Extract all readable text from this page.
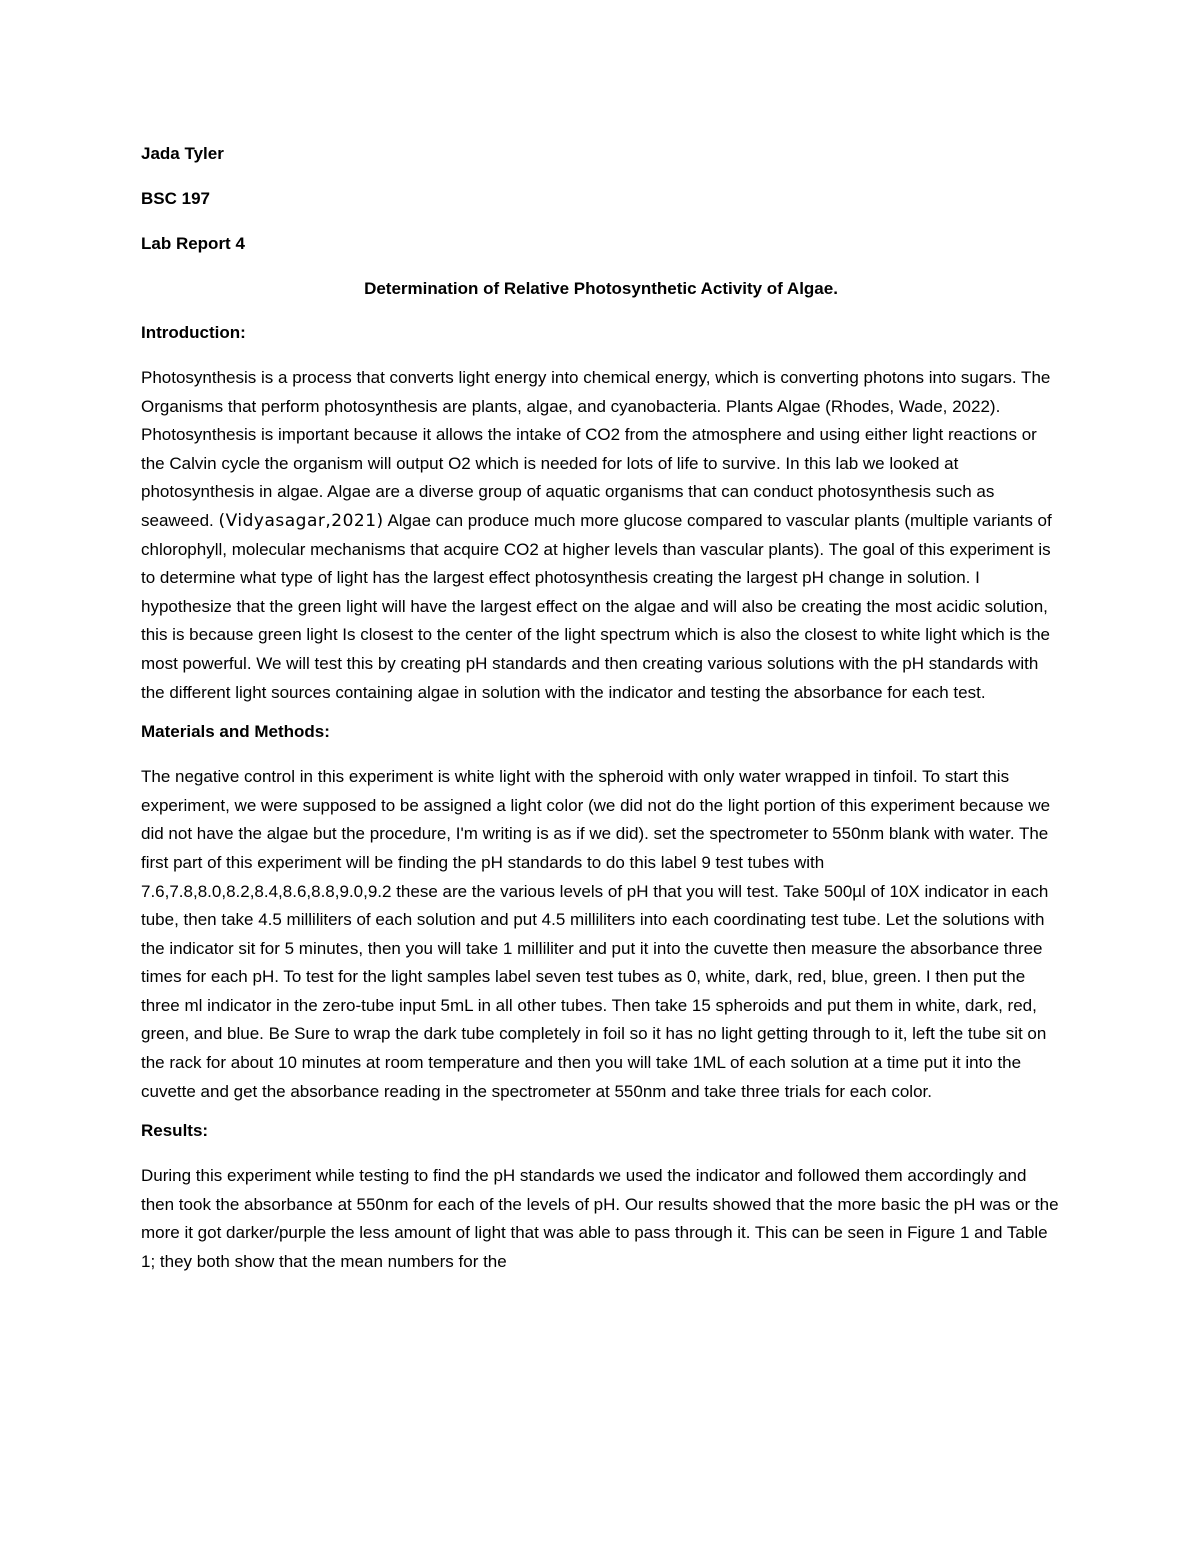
Jada Tyler

BSC 197

Lab Report 4

Determination of Relative Photosynthetic Activity of Algae.

Introduction:

Photosynthesis is a process that converts light energy into chemical energy, which is converting photons into sugars. The Organisms that perform photosynthesis are plants, algae, and cyanobacteria. Plants Algae (Rhodes, Wade, 2022). Photosynthesis is important because it allows the intake of CO2 from the atmosphere and using either light reactions or the Calvin cycle the organism will output O2 which is needed for lots of life to survive. In this lab we looked at photosynthesis in algae. Algae are a diverse group of aquatic organisms that can conduct photosynthesis such as seaweed. (Vidyasagar,2021) Algae can produce much more glucose compared to vascular plants (multiple variants of chlorophyll, molecular mechanisms that acquire CO2 at higher levels than vascular plants). The goal of this experiment is to determine what type of light has the largest effect photosynthesis creating the largest pH change in solution. I hypothesize that the green light will have the largest effect on the algae and will also be creating the most acidic solution, this is because green light Is closest to the center of the light spectrum which is also the closest to white light which is the most powerful. We will test this by creating pH standards and then creating various solutions with the pH standards with the different light sources containing algae in solution with the indicator and testing the absorbance for each test.

Materials and Methods:

The negative control in this experiment is white light with the spheroid with only water wrapped in tinfoil. To start this experiment, we were supposed to be assigned a light color (we did not do the light portion of this experiment because we did not have the algae but the procedure, I'm writing is as if we did). set the spectrometer to 550nm blank with water. The first part of this experiment will be finding the pH standards to do this label 9 test tubes with 7.6,7.8,8.0,8.2,8.4,8.6,8.8,9.0,9.2 these are the various levels of pH that you will test. Take 500µl of 10X indicator in each tube, then take 4.5 milliliters of each solution and put 4.5 milliliters into each coordinating test tube. Let the solutions with the indicator sit for 5 minutes, then you will take 1 milliliter and put it into the cuvette then measure the absorbance three times for each pH. To test for the light samples label seven test tubes as 0, white, dark, red, blue, green. I then put the three ml indicator in the zero-tube input 5mL in all other tubes. Then take 15 spheroids and put them in white, dark, red, green, and blue. Be Sure to wrap the dark tube completely in foil so it has no light getting through to it, left the tube sit on the rack for about 10 minutes at room temperature and then you will take 1ML of each solution at a time put it into the cuvette and get the absorbance reading in the spectrometer at 550nm and take three trials for each color.

Results:

During this experiment while testing to find the pH standards we used the indicator and followed them accordingly and then took the absorbance at 550nm for each of the levels of pH. Our results showed that the more basic the pH was or the more it got darker/purple the less amount of light that was able to pass through it. This can be seen in Figure 1 and Table 1; they both show that the mean numbers for the
